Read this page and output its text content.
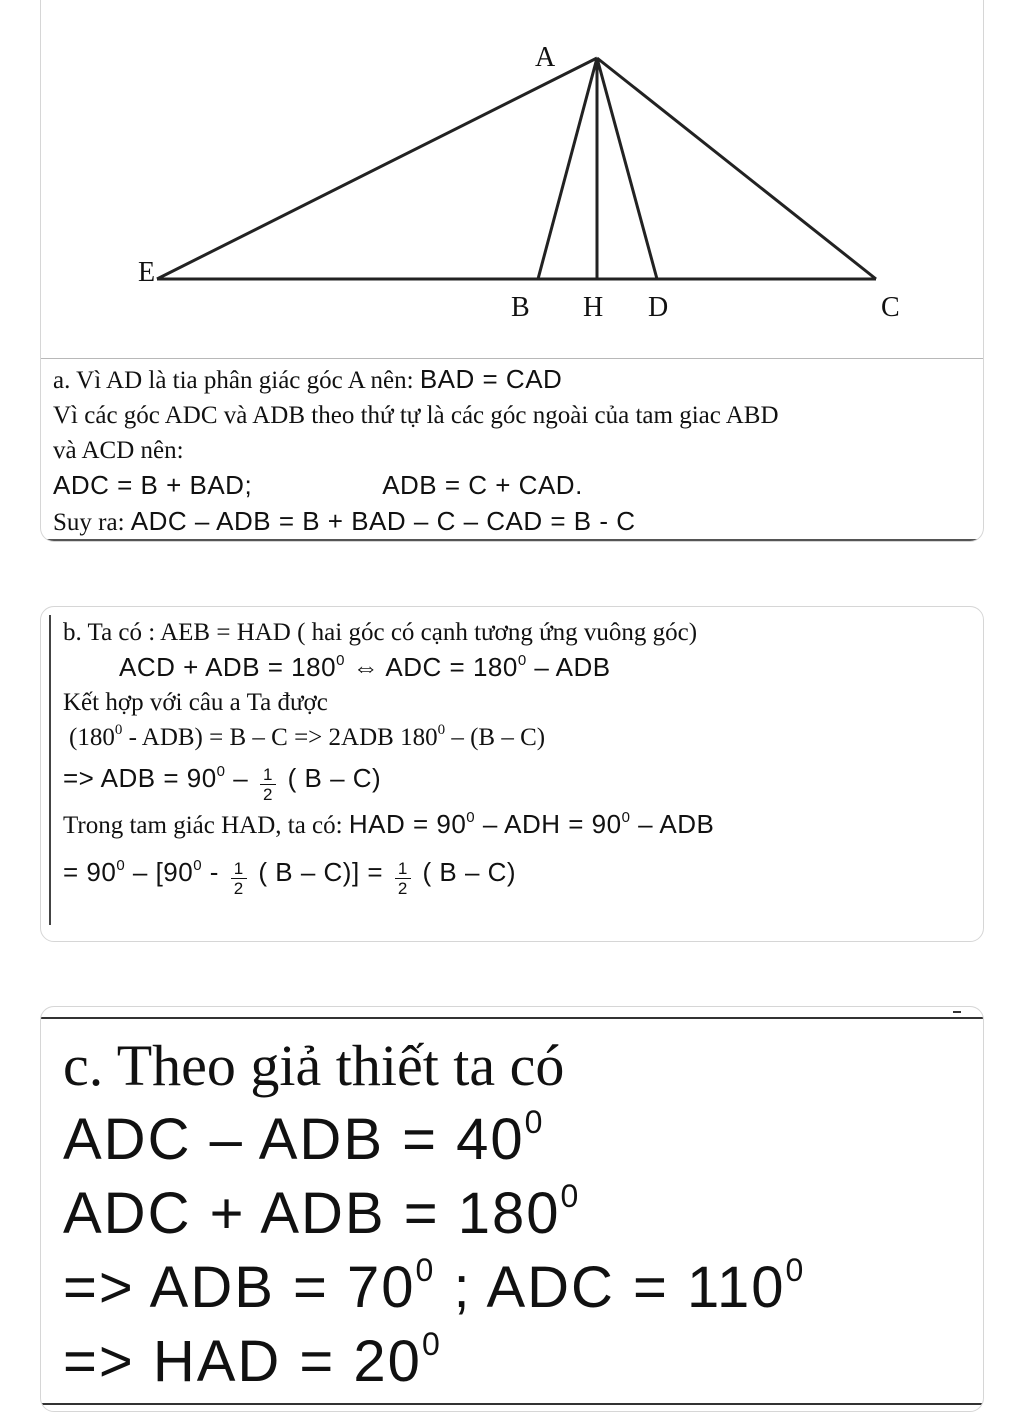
A
E
B H D	C
a. Vì AD là tia phân giác góc A nên: BAD = CAD
Vì các góc ADC và ADB theo thứ tự là các góc ngoài của tam giac ABD
và ACD nên:
ADC = B + BAD;	ADB = C + CAD.
Suy ra: ADC – ADB = B + BAD – C – CAD = B - C
b. Ta có : AEB = HAD ( hai góc có cạnh tương ứng vuông góc)
ACD + ADB = $180^0$ ⇔ ADC = $180^0$ – ADB
Kết hợp với câu a Ta được
$(180^0 - ADB) = B - C => 2ADB$ $180^0 - (B - C)$
=> ADB = $90^0 - \frac{1}{2}$ ( B – C)
Trong tam giác HAD, ta có: HAD = $90^0$ – ADH = $90^0$ – ADB
= $90^0 - [90^0 - \frac{1}{2}$ ( $B - C)] = \frac{1}{2}$ ( B – C)
c. Theo giả thiết ta có
ADC – ADB = $40^0$
ADC + ADB = $180^0$
=> ADB = $70^0$ ; ADC = $110^0$
=> HAD = $20^0$
